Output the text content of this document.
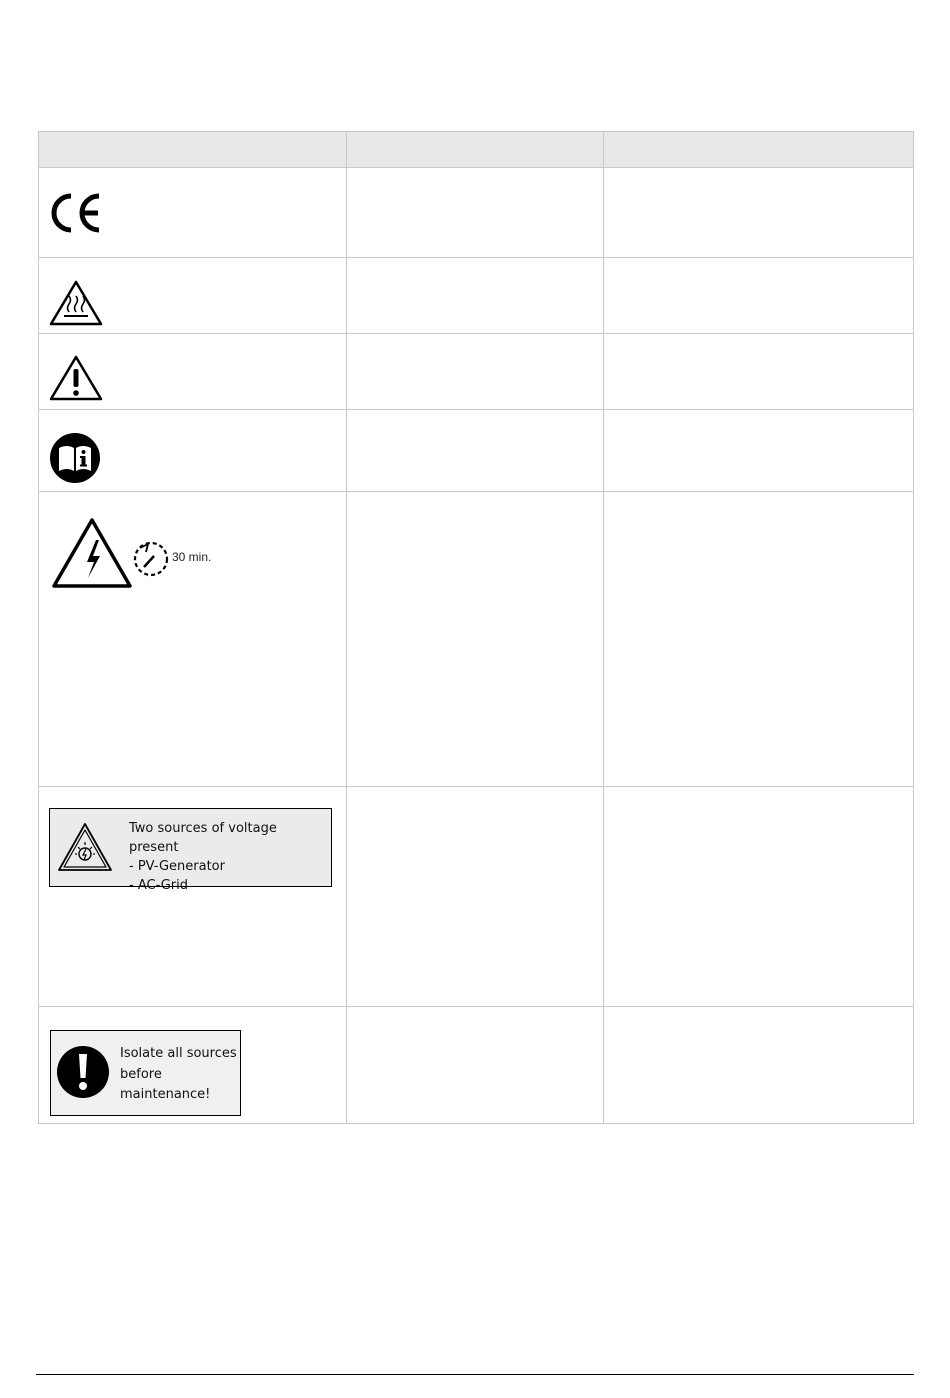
30 min.		

Two sources of voltage present
- PV-Generator
- AC-Grid		

Isolate all sources
before
maintenance!		
